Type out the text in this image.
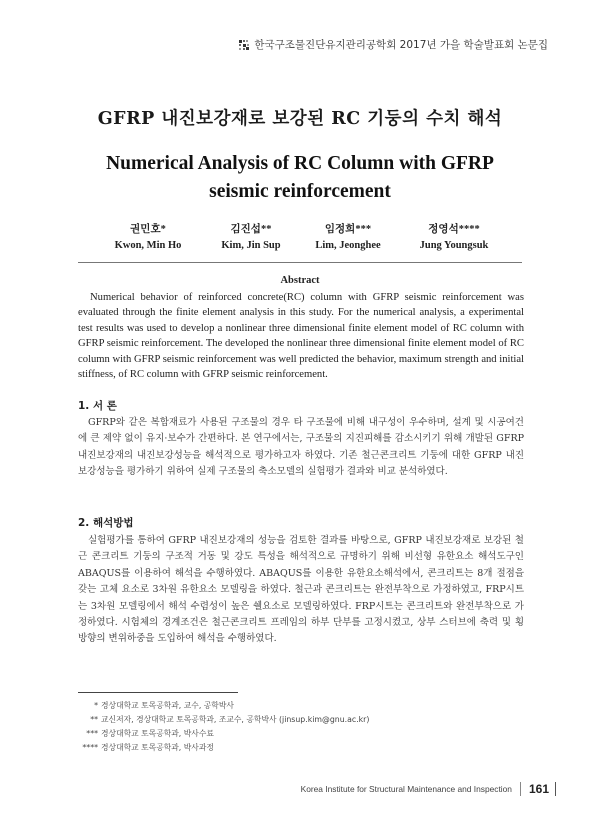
한국구조물진단유지관리공학회 2017년 가을 학술발표회 논문집
GFRP 내진보강재로 보강된 RC 기둥의 수치 해석
Numerical Analysis of RC Column with GFRP seismic reinforcement
권민호*
Kwon, Min Ho
김진섭**
Kim, Jin Sup
임정희***
Lim, Jeonghee
정영석****
Jung Youngsuk
Abstract
Numerical behavior of reinforced concrete(RC) column with GFRP seismic reinforcement was evaluated through the finite element analysis in this study. For the numerical analysis, a experimental test results was used to develop a nonlinear three dimensional finite element model of RC column with GFRP seismic reinforcement. The developed the nonlinear three dimensional finite element model of RC column with GFRP seismic reinforcement was well predicted the behavior, maximum strength and initial stiffness, of RC column with GFRP seismic reinforcement.
1. 서 론
GFRP와 같은 복합재료가 사용된 구조물의 경우 타 구조물에 비해 내구성이 우수하며, 설계 및 시공여건에 큰 제약 없이 유지·보수가 간편하다. 본 연구에서는, 구조물의 지진피해를 감소시키기 위해 개발된 GFRP 내진보강재의 내진보강성능을 해석적으로 평가하고자 하였다. 기존 철근콘크리트 기둥에 대한 GFRP 내진 보강성능을 평가하기 위하여 실제 구조물의 축소모델의 실험평가 결과와 비교 분석하였다.
2. 해석방법
실험평가를 통하여 GFRP 내진보강재의 성능을 검토한 결과를 바탕으로, GFRP 내진보강재로 보강된 철근 콘크리트 기둥의 구조적 거동 및 강도 특성을 해석적으로 규명하기 위해 비선형 유한요소 해석도구인 ABAQUS를 이용하여 해석을 수행하였다. ABAQUS를 이용한 유한요소해석에서, 콘크리트는 8개 절점을 갖는 고체 요소로 3차원 유한요소 모델링을 하였다. 철근과 콘크리트는 완전부착으로 가정하였고, FRP시트는 3차원 모델링에서 해석 수렴성이 높은 쉘요소로 모델링하였다. FRP시트는 콘크리트와 완전부착으로 가정하였다. 시험체의 경계조건은 철근콘크리트 프레임의 하부 단부를 고정시켰고, 상부 스터브에 축력 및 횡방향의 변위하중을 도입하여 해석을 수행하였다.
* 경상대학교 토목공학과, 교수, 공학박사
** 교신저자, 경상대학교 토목공학과, 조교수, 공학박사 (jinsup.kim@gnu.ac.kr)
*** 경상대학교 토목공학과, 박사수료
**** 경상대학교 토목공학과, 박사과정
Korea Institute for Structural Maintenance and Inspection 161
